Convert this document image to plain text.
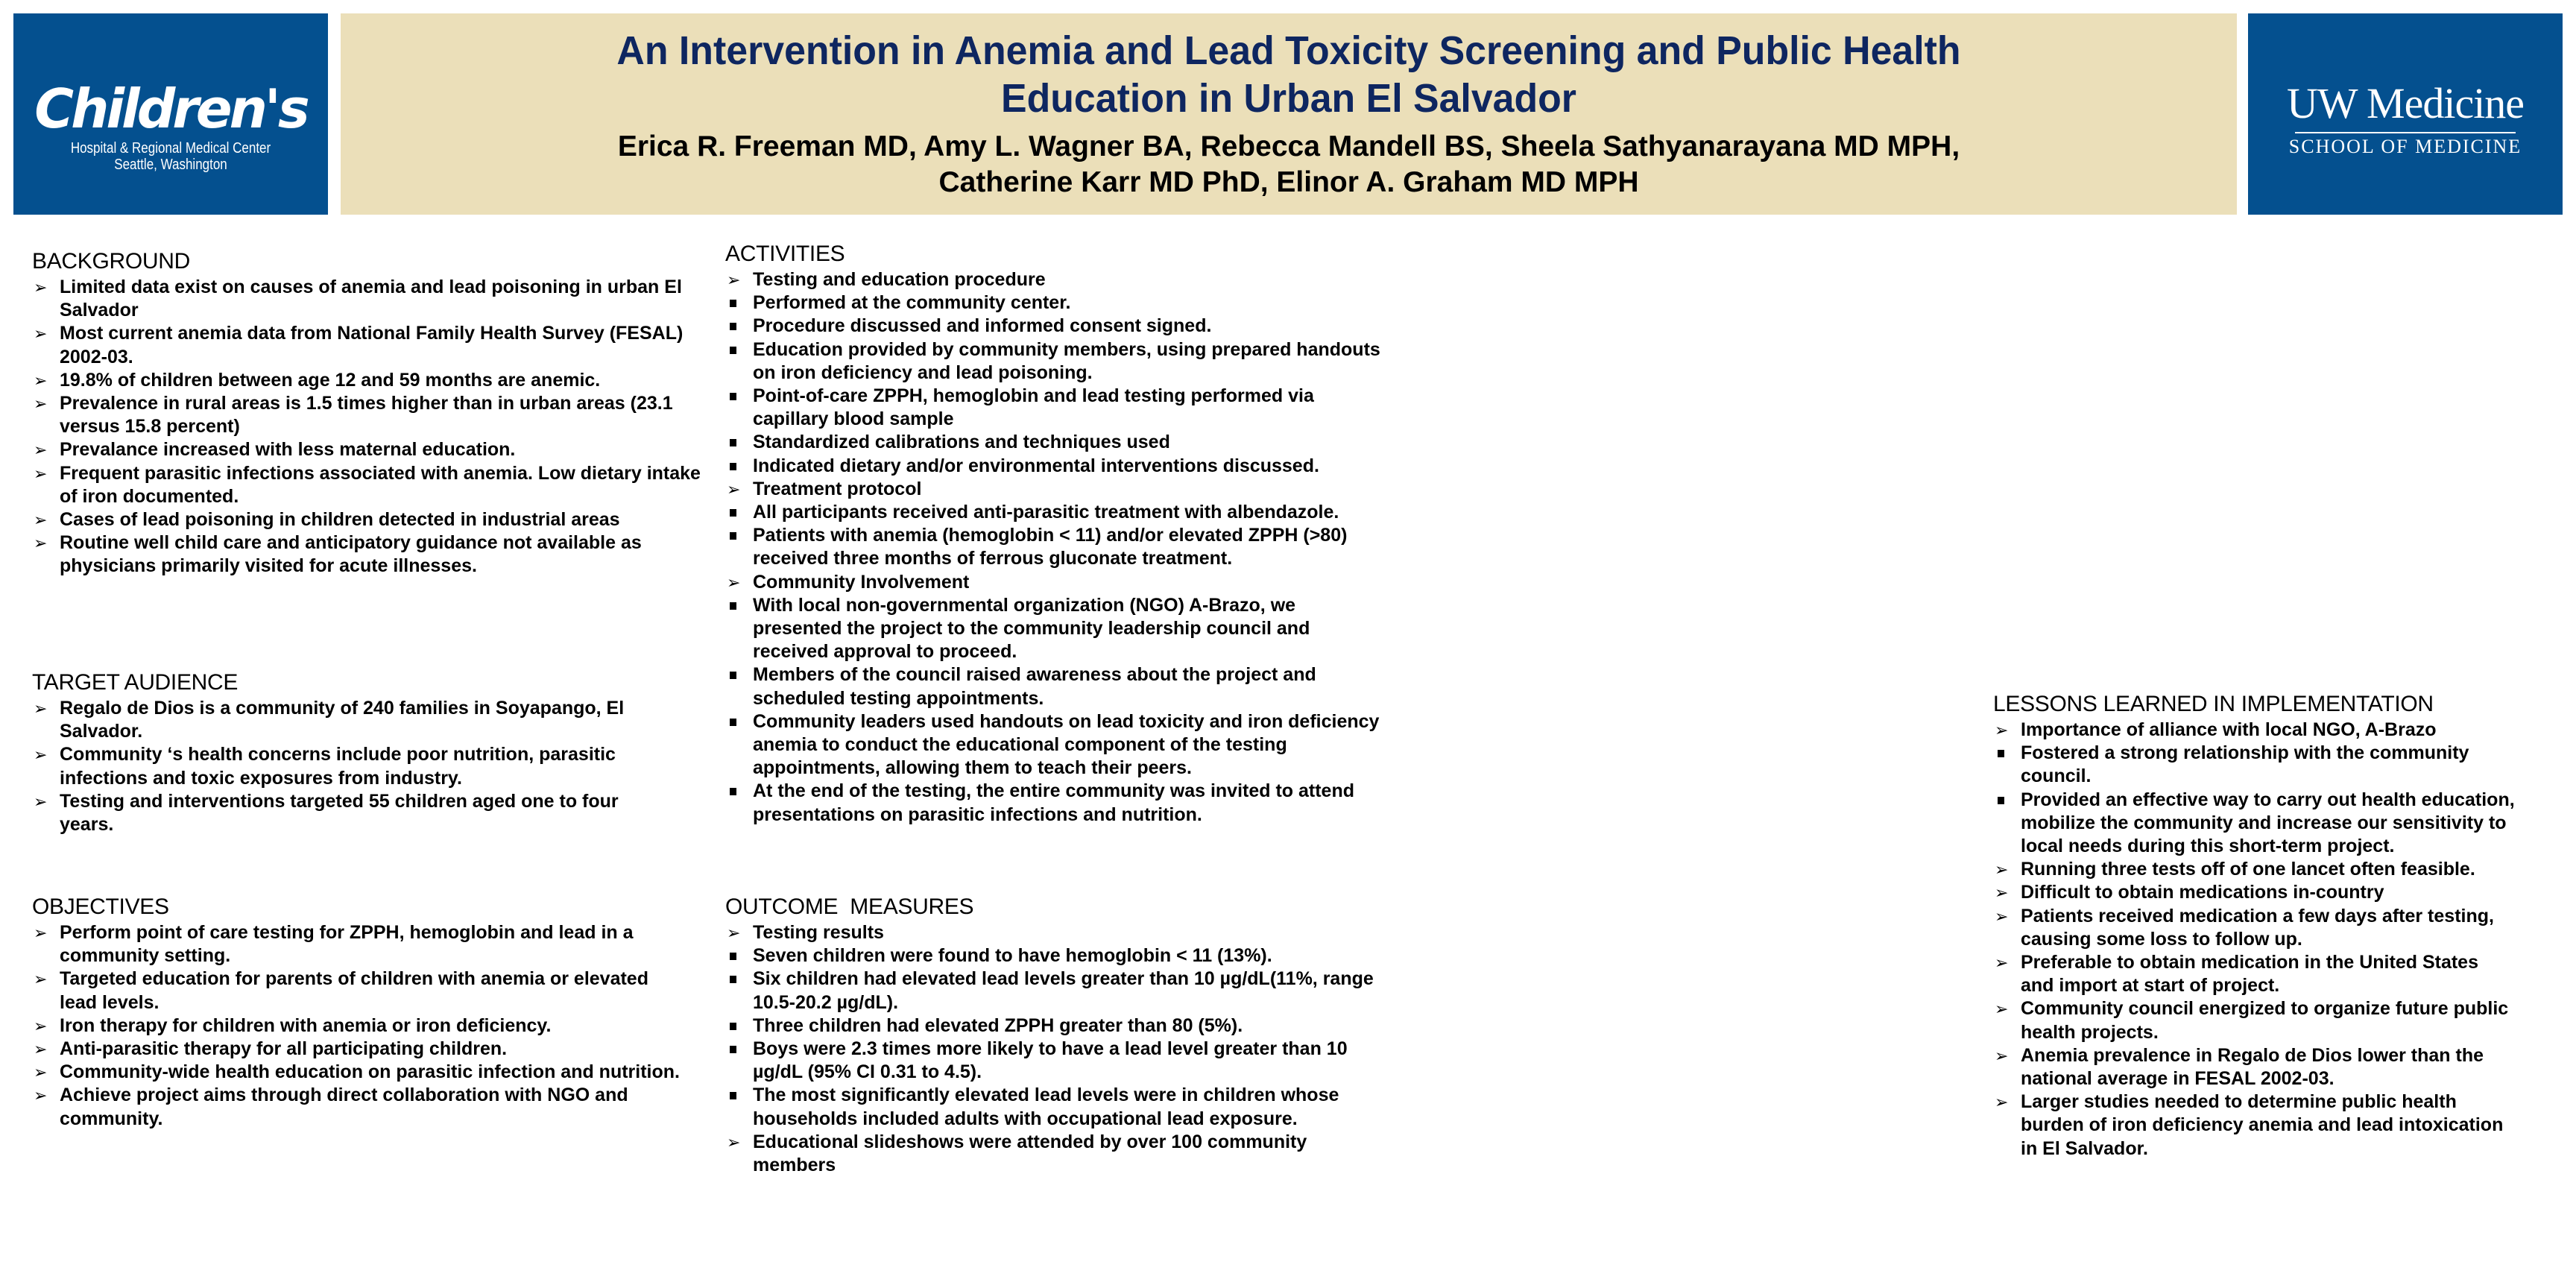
Children's
Hospital & Regional Medical Center
Seattle, Washington
An Intervention in Anemia and Lead Toxicity Screening and Public Health
Education in Urban El Salvador
Erica R. Freeman MD, Amy L. Wagner BA, Rebecca Mandell BS, Sheela Sathyanarayana MD MPH,
Catherine Karr MD PhD, Elinor A. Graham MD MPH
UW Medicine
SCHOOL OF MEDICINE
BACKGROUND
➢ Limited data exist on causes of anemia and lead poisoning in urban El Salvador
➢ Most current anemia data from National Family Health Survey (FESAL) 2002-03.
➢ 19.8% of children between age 12 and 59 months are anemic.
➢ Prevalence in rural areas is 1.5 times higher than in urban areas (23.1 versus 15.8 percent)
➢ Prevalance increased with less maternal education.
➢ Frequent parasitic infections associated with anemia. Low dietary intake of iron documented.
➢ Cases of lead poisoning in children detected in industrial areas
➢ Routine well child care and anticipatory guidance not available as physicians primarily visited for acute illnesses.
TARGET AUDIENCE
➢ Regalo de Dios is a community of 240 families in Soyapango, El Salvador.
➢ Community ‘s health concerns include poor nutrition, parasitic infections and toxic exposures from industry.
➢ Testing and interventions targeted 55 children aged one to four years.
OBJECTIVES
➢ Perform point of care testing for ZPPH, hemoglobin and lead in a community setting.
➢ Targeted education for parents of children with anemia or elevated lead levels.
➢ Iron therapy for children with anemia or iron deficiency.
➢ Anti-parasitic therapy for all participating children.
➢ Community-wide health education on parasitic infection and nutrition.
➢ Achieve project aims through direct collaboration with NGO and community.
ACTIVITIES
➢ Testing and education procedure
Performed at the community center.
Procedure discussed and informed consent signed.
Education provided by community members, using prepared handouts on iron deficiency and lead poisoning.
Point-of-care ZPPH, hemoglobin and lead testing performed via capillary blood sample
Standardized calibrations and techniques used
Indicated dietary and/or environmental interventions discussed.
➢ Treatment protocol
All participants received anti-parasitic treatment with albendazole.
Patients with anemia (hemoglobin < 11) and/or elevated ZPPH (>80) received three months of ferrous gluconate treatment.
➢ Community Involvement
With local non-governmental organization (NGO) A-Brazo, we presented the project to the community leadership council and received approval to proceed.
Members of the council raised awareness about the project and scheduled testing appointments.
Community leaders used handouts on lead toxicity and iron deficiency anemia to conduct the educational component of the testing appointments, allowing them to teach their peers.
At the end of the testing, the entire community was invited to attend presentations on parasitic infections and nutrition.
OUTCOME  MEASURES
➢ Testing results
Seven children were found to have hemoglobin < 11 (13%).
Six children had elevated lead levels greater than 10 µg/dL(11%, range 10.5-20.2 µg/dL).
Three children had elevated ZPPH greater than 80 (5%).
Boys were 2.3 times more likely to have a lead level greater than 10 µg/dL (95% CI 0.31 to 4.5).
The most significantly elevated lead levels were in children whose households included adults with occupational lead exposure.
➢ Educational slideshows were attended by over 100 community members
LESSONS LEARNED IN IMPLEMENTATION
➢ Importance of alliance with local NGO, A-Brazo
Fostered a strong relationship with the community council.
Provided an effective way to carry out health education, mobilize the community and increase our sensitivity to local needs during this short-term project.
➢ Running three tests off of one lancet often feasible.
➢ Difficult to obtain medications in-country
➢ Patients received medication a few days after testing, causing some loss to follow up.
➢ Preferable to obtain medication in the United States and import at start of project.
➢ Community council energized to organize future public health projects.
➢ Anemia prevalence in Regalo de Dios lower than the national average in FESAL 2002-03.
➢ Larger studies needed to determine public health burden of iron deficiency anemia and lead intoxication in El Salvador.
